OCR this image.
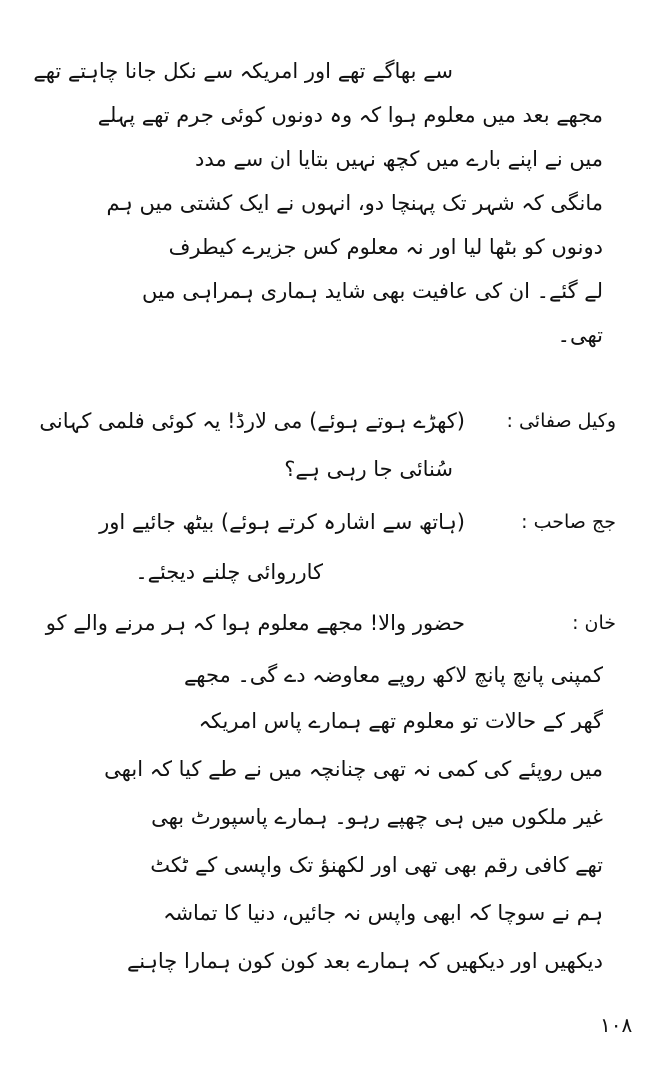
سے بھاگے تھے اور امریکہ سے نکل جانا چاہتے تھے
مجھے بعد میں معلوم ہوا کہ وہ دونوں کوئی جرم تھے پہلے
میں نے اپنے بارے میں کچھ نہیں بتایا ان سے مدد
مانگی کہ شہر تک پہنچا دو، انہوں نے ایک کشتی میں ہم
دونوں کو بٹھا لیا اور نہ معلوم کس جزیرے کیطرف
لے گئے۔ ان کی عافیت بھی شاید ہماری ہمراہی میں
تھی۔
وکیل صفائی :
(کھڑے ہوتے ہوئے) می لارڈ! یہ کوئی فلمی کہانی
سُنائی جا رہی ہے؟
جج صاحب :
(ہاتھ سے اشارہ کرتے ہوئے) بیٹھ جائیے اور
کارروائی چلنے دیجئے۔
خان :
حضور والا! مجھے معلوم ہوا کہ ہر مرنے والے کو
کمپنی پانچ پانچ لاکھ روپے معاوضہ دے گی۔ مجھے
گھر کے حالات تو معلوم تھے ہمارے پاس امریکہ
میں روپئے کی کمی نہ تھی چنانچہ میں نے طے کیا کہ ابھی
غیر ملکوں میں ہی چھپے رہو۔ ہمارے پاسپورٹ بھی
تھے کافی رقم بھی تھی اور لکھنؤ تک واپسی کے ٹکٹ
ہم نے سوچا کہ ابھی واپس نہ جائیں، دنیا کا تماشہ
دیکھیں اور دیکھیں کہ ہمارے بعد کون کون ہمارا چاہنے
۱۰۸
